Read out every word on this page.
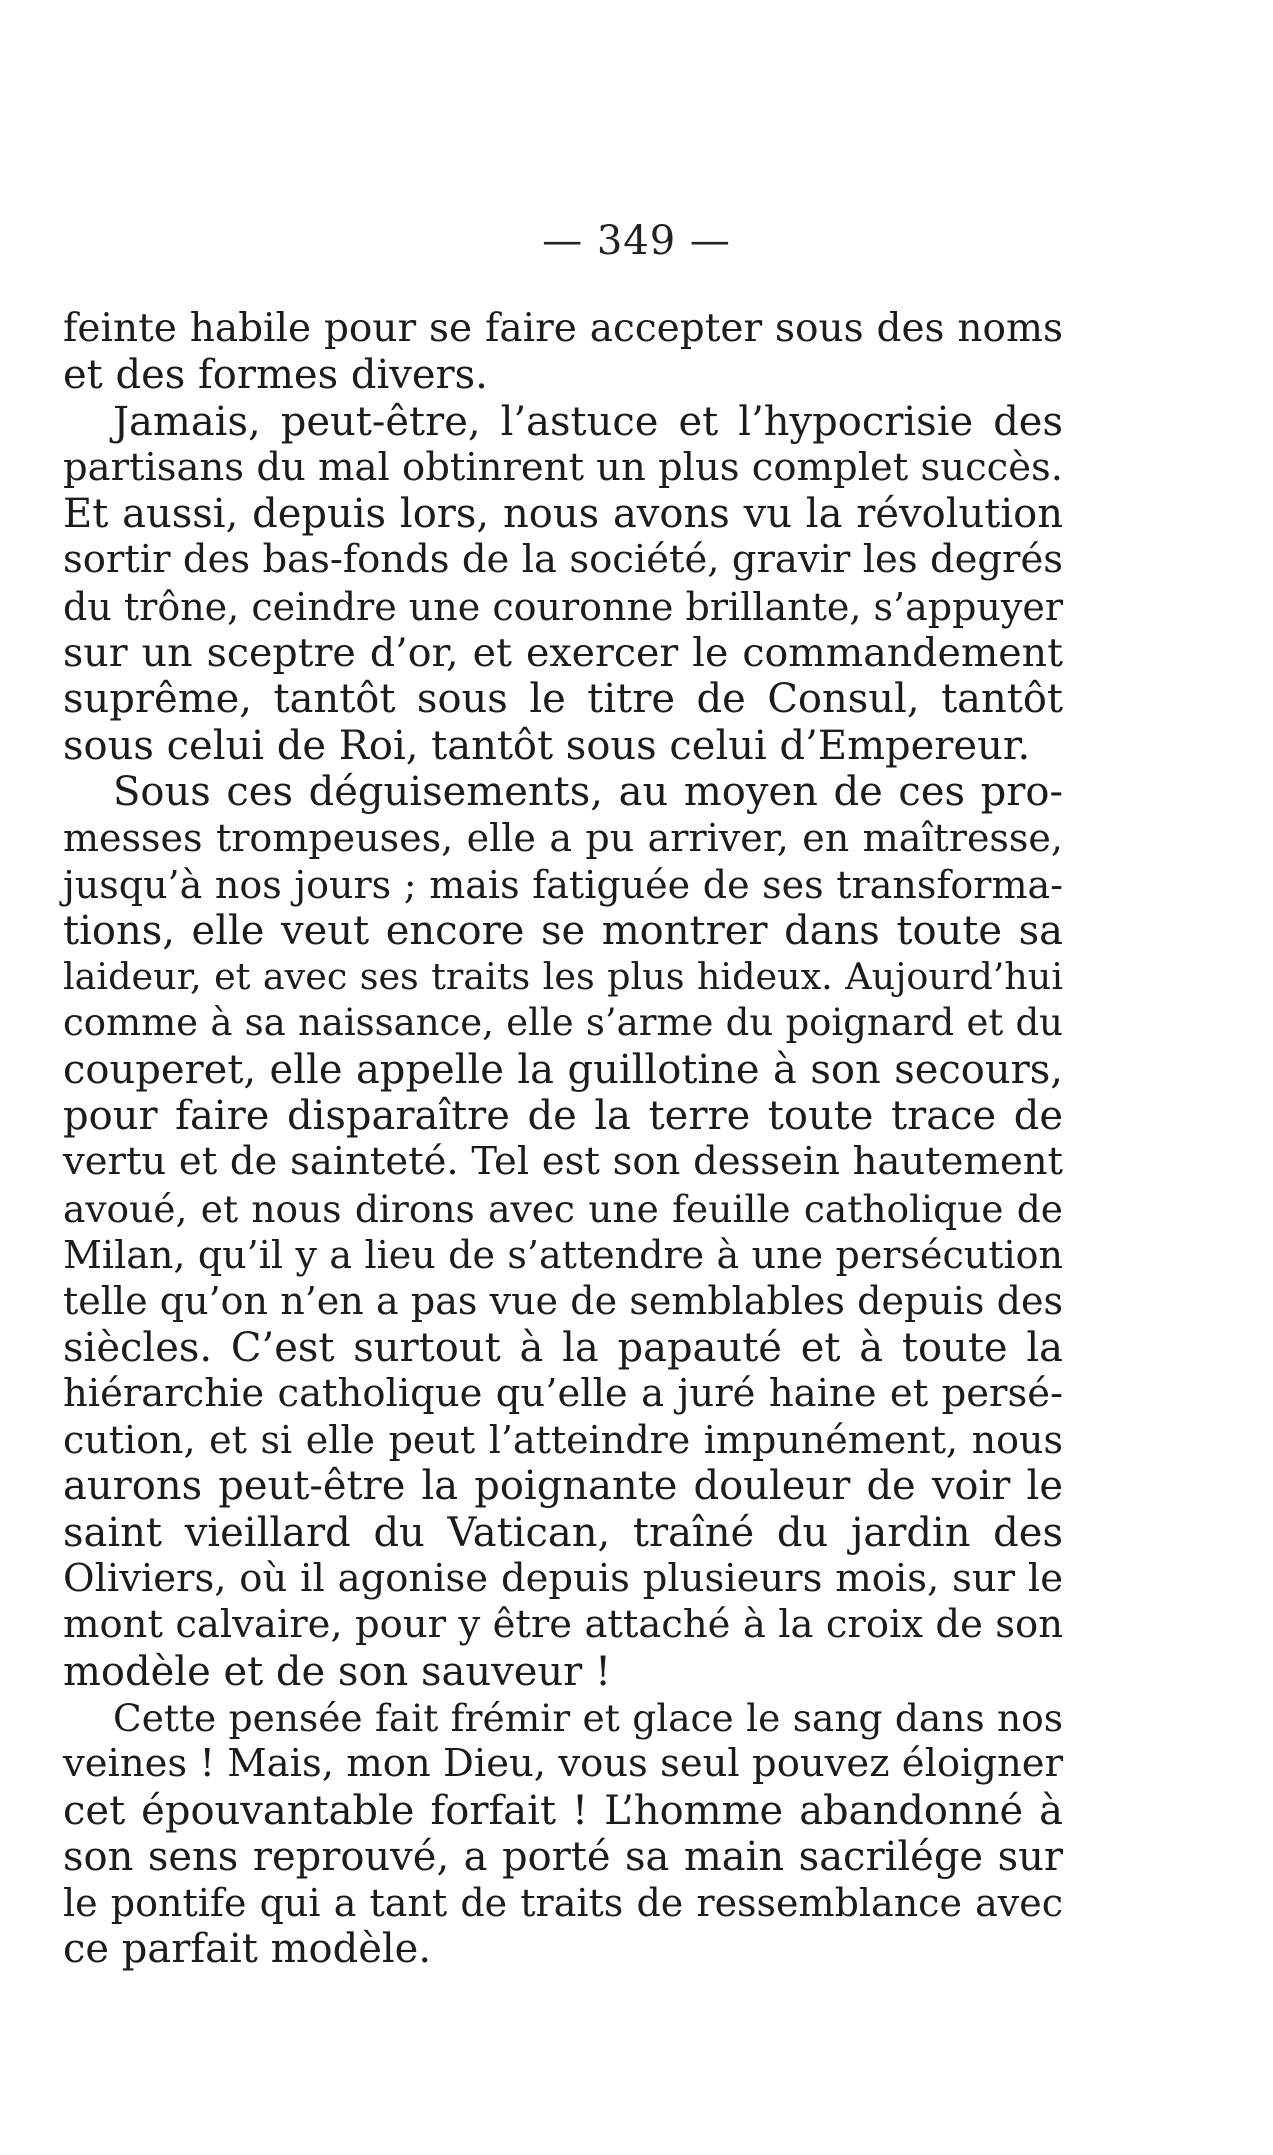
— 349 —
feinte habile pour se faire accepter sous des noms
et des formes divers.
Jamais, peut-être, l’astuce et l’hypocrisie des
partisans du mal obtinrent un plus complet succès.
Et aussi, depuis lors, nous avons vu la révolution
sortir des bas-fonds de la société, gravir les degrés
du trône, ceindre une couronne brillante, s’appuyer
sur un sceptre d’or, et exercer le commandement
suprême, tantôt sous le titre de Consul, tantôt
sous celui de Roi, tantôt sous celui d’Empereur.
Sous ces déguisements, au moyen de ces pro-
messes trompeuses, elle a pu arriver, en maîtresse,
jusqu’à nos jours ; mais fatiguée de ses transforma-
tions, elle veut encore se montrer dans toute sa
laideur, et avec ses traits les plus hideux. Aujourd’hui
comme à sa naissance, elle s’arme du poignard et du
couperet, elle appelle la guillotine à son secours,
pour faire disparaître de la terre toute trace de
vertu et de sainteté. Tel est son dessein hautement
avoué, et nous dirons avec une feuille catholique de
Milan, qu’il y a lieu de s’attendre à une persécution
telle qu’on n’en a pas vue de semblables depuis des
siècles. C’est surtout à la papauté et à toute la
hiérarchie catholique qu’elle a juré haine et persé-
cution, et si elle peut l’atteindre impunément, nous
aurons peut-être la poignante douleur de voir le
saint vieillard du Vatican, traîné du jardin des
Oliviers, où il agonise depuis plusieurs mois, sur le
mont calvaire, pour y être attaché à la croix de son
modèle et de son sauveur !
Cette pensée fait frémir et glace le sang dans nos
veines ! Mais, mon Dieu, vous seul pouvez éloigner
cet épouvantable forfait ! L’homme abandonné à
son sens reprouvé, a porté sa main sacrilége sur
le pontife qui a tant de traits de ressemblance avec
ce parfait modèle.
